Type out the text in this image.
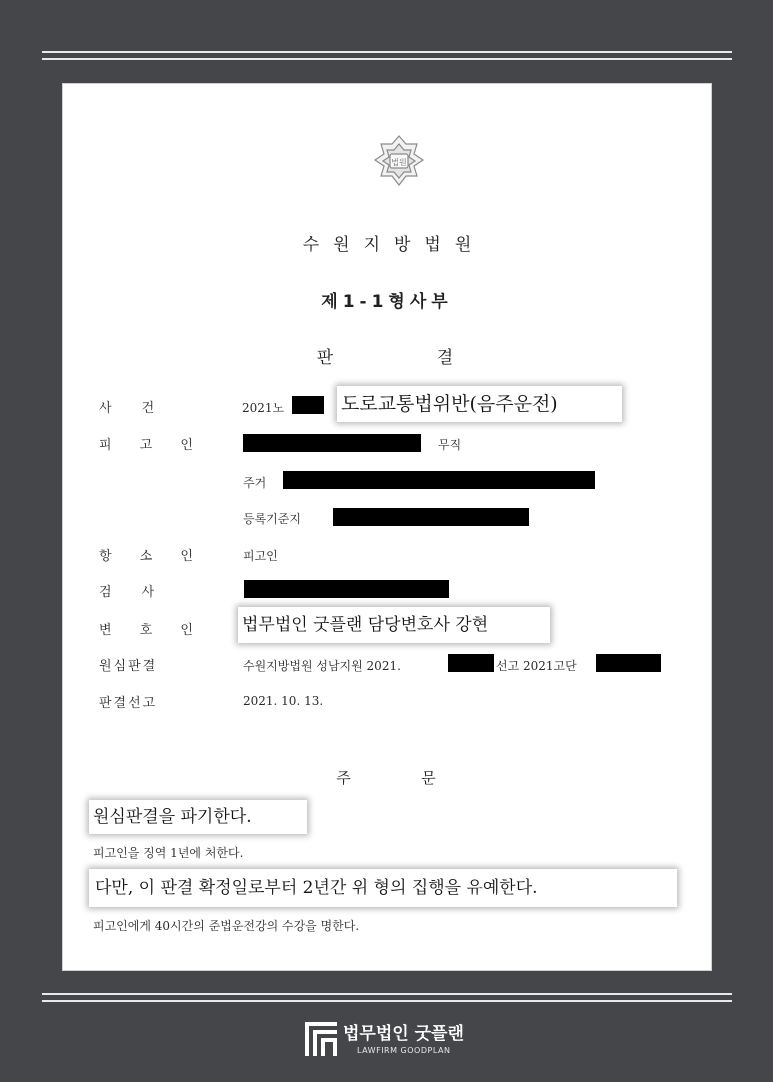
법원
수원지방법원
제1-1형사부
판	결
사건	2021노	도로교통법위반(음주운전)
피 고 인	무직
주거
등록기준지
항 소 인	피고인
검사
변 호 인 법무법인 굿플랜 담당변호사 강현
원심판결	수원지방법원 성남지원 2021.	선고 2021고단
판결선고	2021. 10. 13.
주	문
원심판결을 파기한다.
피고인을 징역 1년에 처한다.
다만, 이 판결 확정일로부터 2년간 위 형의 집행을 유예한다.
피고인에게 40시간의 준법운전강의 수강을 명한다.
법무법인 굿플랜
LAWFIRM GOODPLAN
